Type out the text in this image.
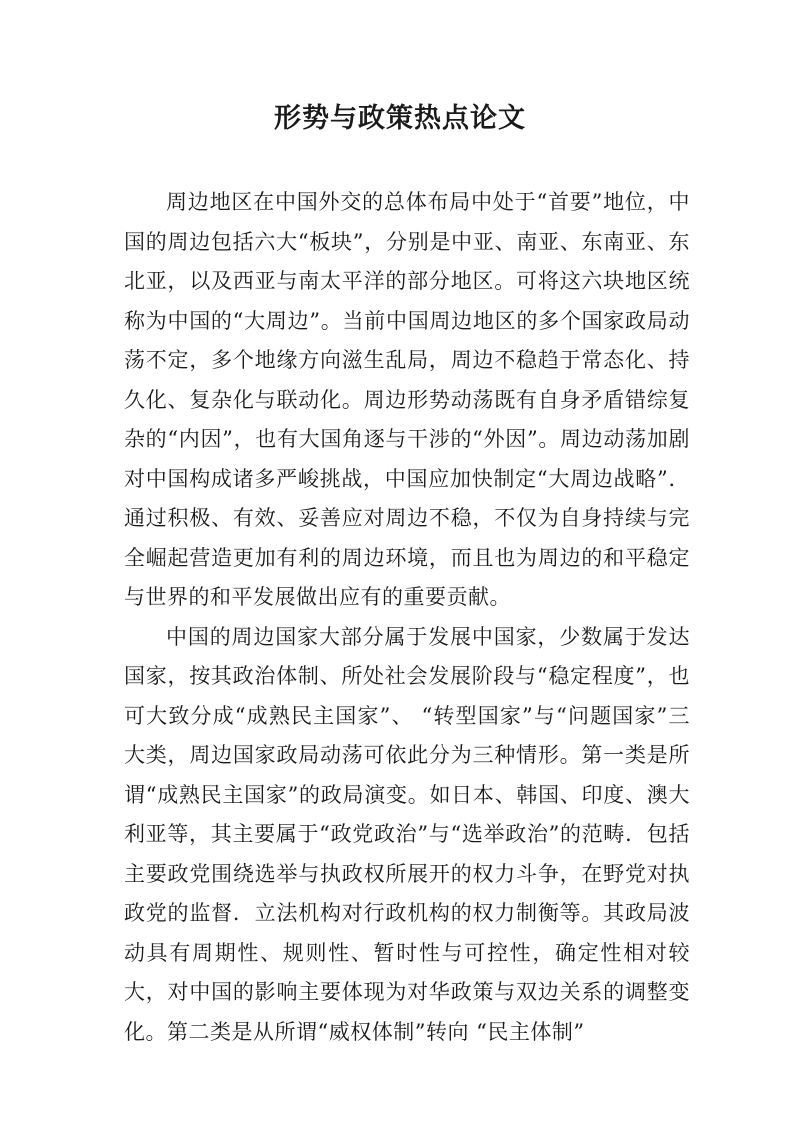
形势与政策热点论文

周边地区在中国外交的总体布局中处于“首要”地位，中国的周边包括六大“板块”，分别是中亚、南亚、东南亚、东北亚，以及西亚与南太平洋的部分地区。可将这六块地区统称为中国的“大周边”。当前中国周边地区的多个国家政局动荡不定，多个地缘方向滋生乱局，周边不稳趋于常态化、持久化、复杂化与联动化。周边形势动荡既有自身矛盾错综复杂的“内因”，也有大国角逐与干涉的“外因”。周边动荡加剧对中国构成诸多严峻挑战，中国应加快制定“大周边战略”．通过积极、有效、妥善应对周边不稳，不仅为自身持续与完全崛起营造更加有利的周边环境，而且也为周边的和平稳定与世界的和平发展做出应有的重要贡献。

中国的周边国家大部分属于发展中国家，少数属于发达国家，按其政治体制、所处社会发展阶段与“稳定程度”，也可大致分成“成熟民主国家”、 “转型国家”与“问题国家”三大类，周边国家政局动荡可依此分为三种情形。第一类是所谓“成熟民主国家”的政局演变。如日本、韩国、印度、澳大利亚等，其主要属于“政党政治”与“选举政治”的范畴．包括主要政党围绕选举与执政权所展开的权力斗争，在野党对执政党的监督．立法机构对行政机构的权力制衡等。其政局波动具有周期性、规则性、暂时性与可控性，确定性相对较大，对中国的影响主要体现为对华政策与双边关系的调整变化。第二类是从所谓“威权体制”转向 “民主体制”
